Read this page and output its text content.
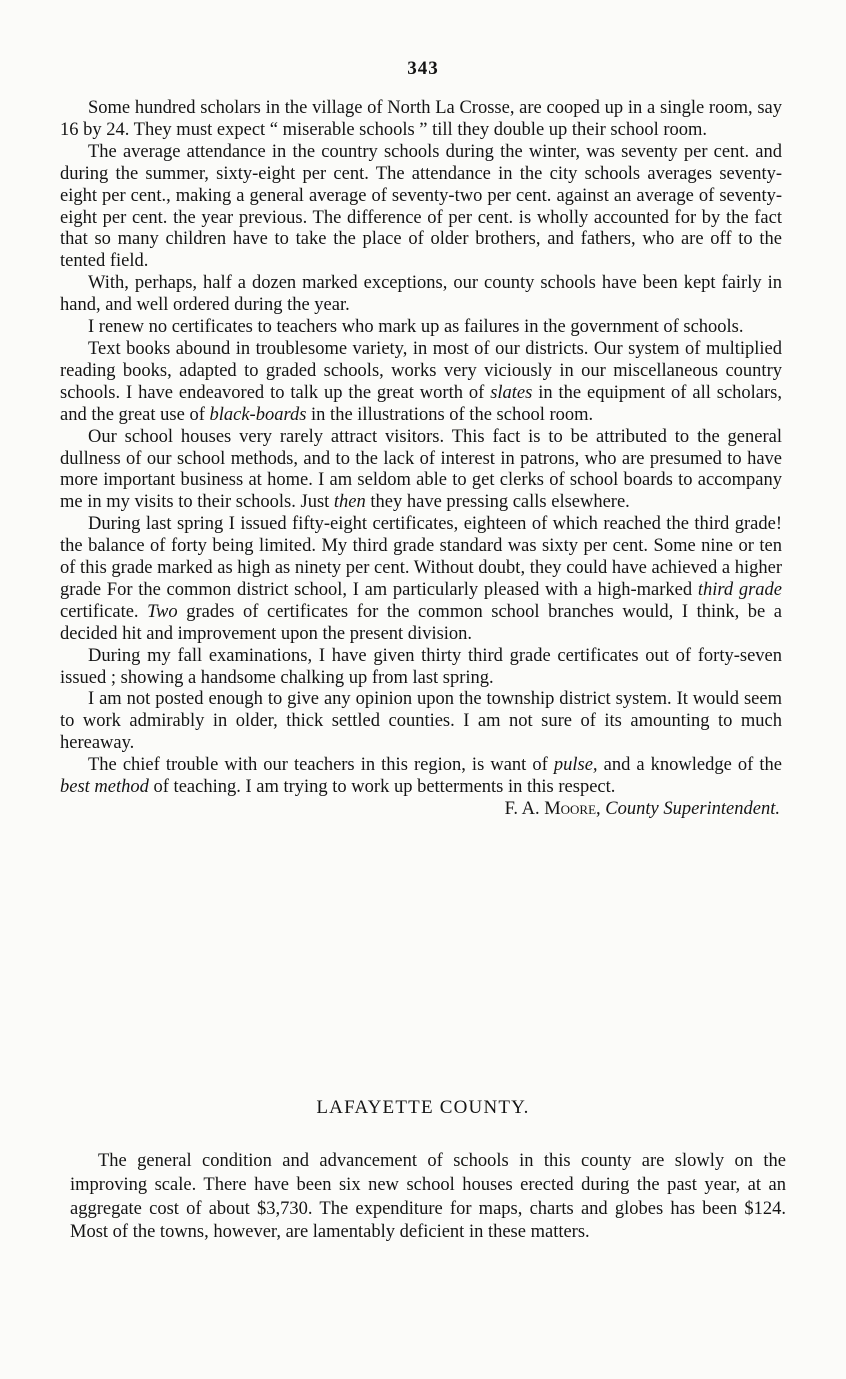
343

Some hundred scholars in the village of North La Crosse, are cooped up in a single room, say 16 by 24. They must expect “ miserable schools ” till they double up their school room.

The average attendance in the country schools during the winter, was seventy per cent. and during the summer, sixty-eight per cent. The attendance in the city schools averages seventy-eight per cent., making a general average of seventy-two per cent. against an average of seventy-eight per cent. the year previous. The difference of per cent. is wholly accounted for by the fact that so many children have to take the place of older brothers, and fathers, who are off to the tented field.

With, perhaps, half a dozen marked exceptions, our county schools have been kept fairly in hand, and well ordered during the year.

I renew no certificates to teachers who mark up as failures in the government of schools.

Text books abound in troublesome variety, in most of our districts. Our system of multiplied reading books, adapted to graded schools, works very viciously in our miscellaneous country schools. I have endeavored to talk up the great worth of slates in the equipment of all scholars, and the great use of black-boards in the illustrations of the school room.

Our school houses very rarely attract visitors. This fact is to be attributed to the general dullness of our school methods, and to the lack of interest in patrons, who are presumed to have more important business at home. I am seldom able to get clerks of school boards to accompany me in my visits to their schools. Just then they have pressing calls elsewhere.

During last spring I issued fifty-eight certificates, eighteen of which reached the third grade! the balance of forty being limited. My third grade standard was sixty per cent. Some nine or ten of this grade marked as high as ninety per cent. Without doubt, they could have achieved a higher grade For the common district school, I am particularly pleased with a high-marked third grade certificate. Two grades of certificates for the common school branches would, I think, be a decided hit and improvement upon the present division.

During my fall examinations, I have given thirty third grade certificates out of forty-seven issued ; showing a handsome chalking up from last spring.

I am not posted enough to give any opinion upon the township district system. It would seem to work admirably in older, thick settled counties. I am not sure of its amounting to much hereaway.

The chief trouble with our teachers in this region, is want of pulse, and a knowledge of the best method of teaching. I am trying to work up betterments in this respect.

F. A. Moore, County Superintendent.
LAFAYETTE COUNTY.

The general condition and advancement of schools in this county are slowly on the improving scale. There have been six new school houses erected during the past year, at an aggregate cost of about $3,730. The expenditure for maps, charts and globes has been $124. Most of the towns, however, are lamentably deficient in these matters.
